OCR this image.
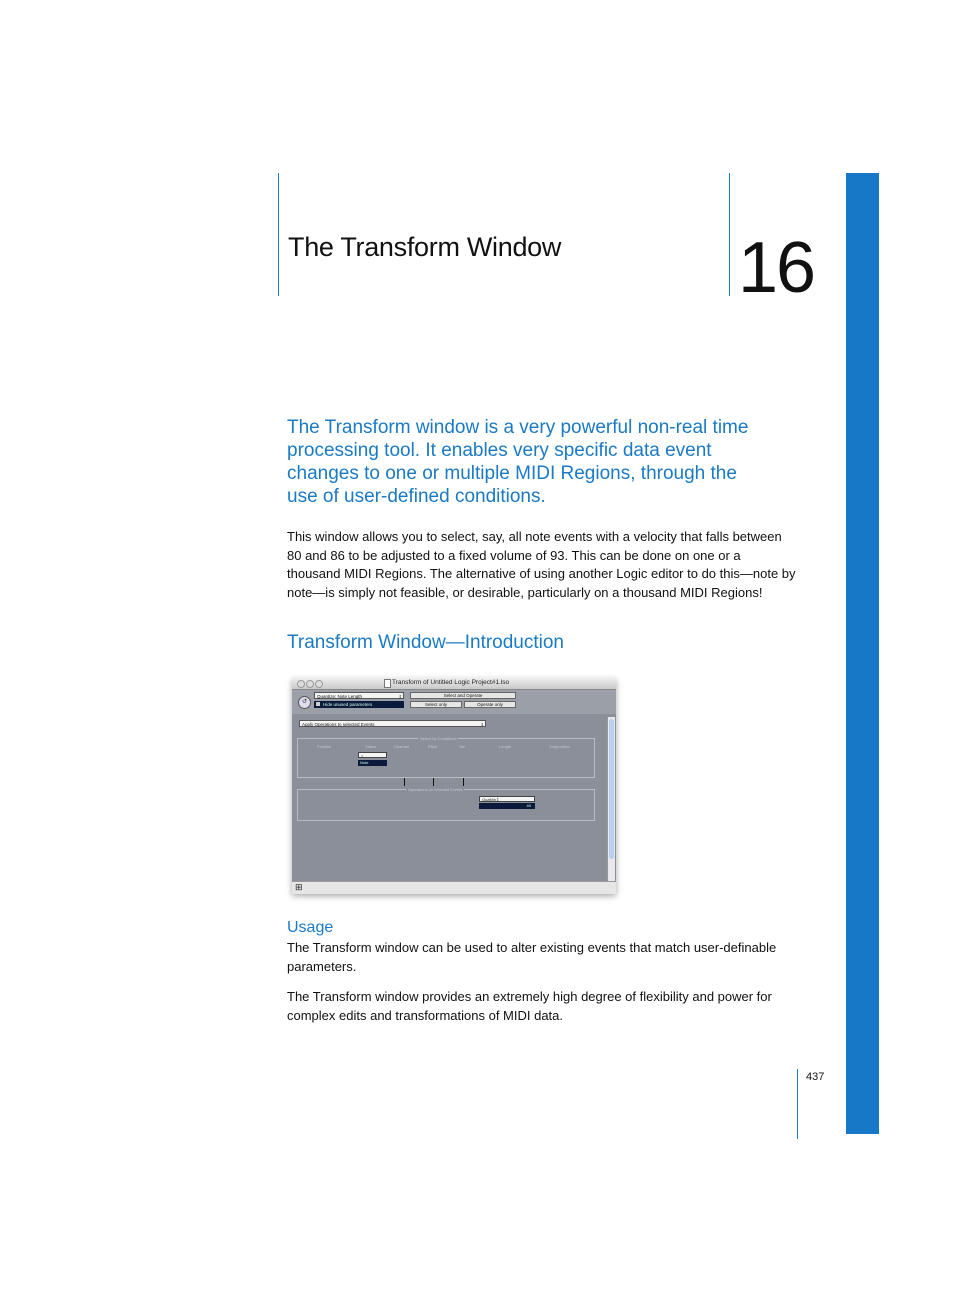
The Transform Window 16

The Transform window is a very powerful non-real time processing tool. It enables very specific data event changes to one or multiple MIDI Regions, through the use of user-defined conditions.

This window allows you to select, say, all note events with a velocity that falls between 80 and 86 to be adjusted to a fixed volume of 93. This can be done on one or a thousand MIDI Regions. The alternative of using another Logic editor to do this—note by note—is simply not feasible, or desirable, particularly on a thousand MIDI Regions!

Transform Window—Introduction
Transform of Untitled Logic Project#1.lso
↺
Quantize: Note Length	⇕
Hide unused parameters
Select and Operate
Select only	Operate only
Apply Operations to selected Events	⇕
Select by Conditions
Position	Status	Channel	Pitch	Vel	Length	Subposition
=
Note
Operations on selected Events
QuaMin⇕
40
⊞
Usage

The Transform window can be used to alter existing events that match user-definable parameters.

The Transform window provides an extremely high degree of flexibility and power for complex edits and transformations of MIDI data.

437
